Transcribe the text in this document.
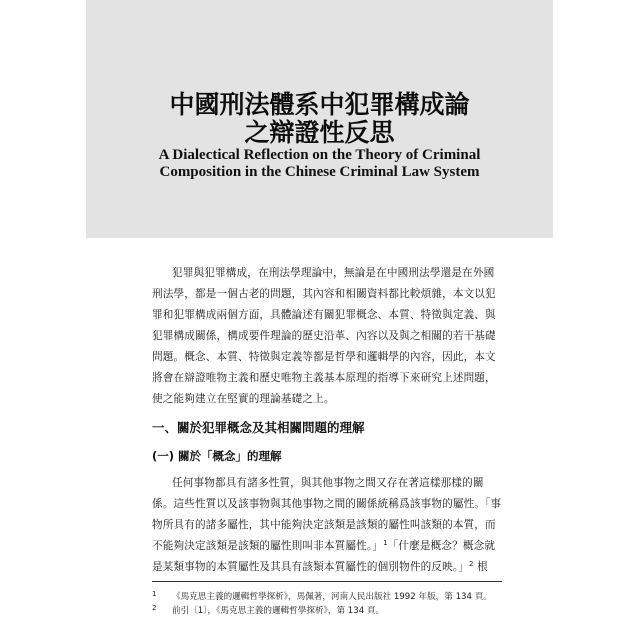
中國刑法體系中犯罪構成論
之辯證性反思
A Dialectical Reflection on the Theory of Criminal
Composition in the Chinese Criminal Law System
犯罪與犯罪構成，在刑法學理論中，無論是在中國刑法學還是在外國
刑法學，都是一個古老的問題，其內容和相關資料都比較煩雜，本文以犯
罪和犯罪構成兩個方面，具體論述有關犯罪概念、本質、特徵與定義、與
犯罪構成關係，構成要件理論的歷史沿革、內容以及與之相關的若干基礎
問題。概念、本質、特徵與定義等都是哲學和邏輯學的內容，因此，本文
將會在辯證唯物主義和歷史唯物主義基本原理的指導下來研究上述問題，
使之能夠建立在堅實的理論基礎之上。
一、關於犯罪概念及其相關問題的理解
(一) 關於「概念」的理解
任何事物都具有諸多性質，與其他事物之間又存在著這樣那樣的關
係。這些性質以及該事物與其他事物之間的關係統稱爲該事物的屬性。「事
物所具有的諸多屬性，其中能夠決定該類是該類的屬性叫該類的本質，而
不能夠決定該類是該類的屬性則叫非本質屬性。」$^1$「什麼是概念？概念就
是某類事物的本質屬性及其具有該類本質屬性的個別物件的反映。」$^2$ 根
1 《馬克思主義的邏輯哲學探析》，馬佩著，河南人民出版社 1992 年版，第 134 頁。
2 前引〔1〕，《馬克思主義的邏輯哲學探析》，第 134 頁。
